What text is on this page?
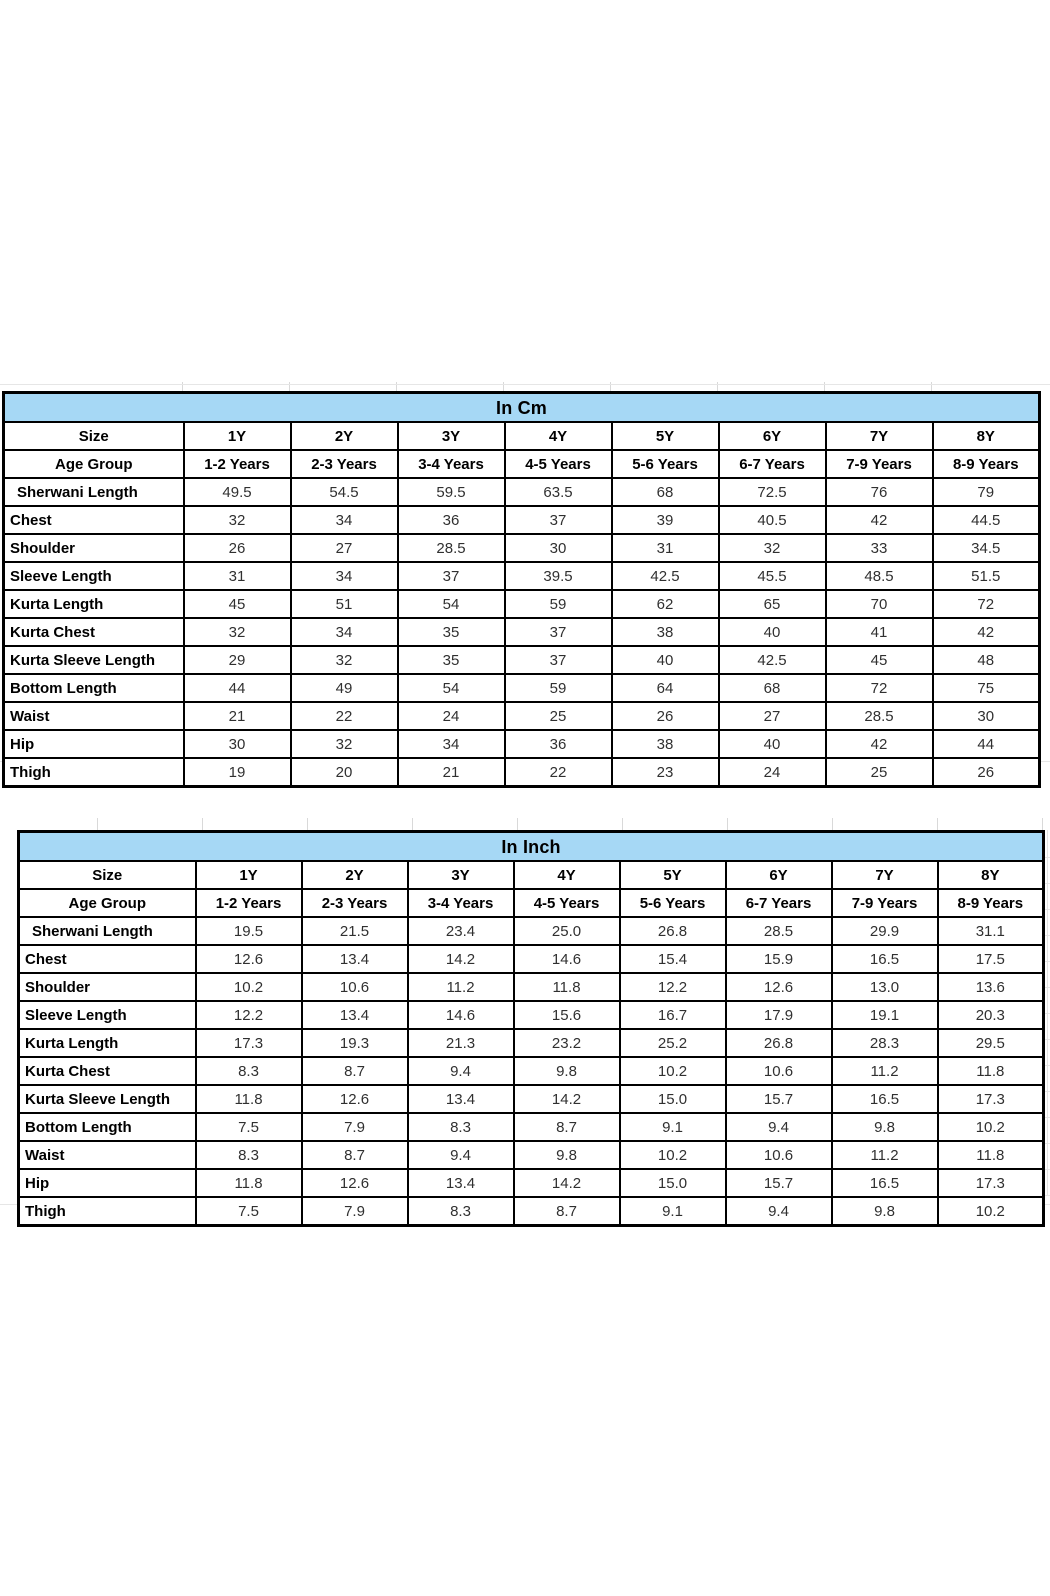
In Cm								
Size	1Y	2Y	3Y	4Y	5Y	6Y	7Y	8Y
Age Group	1-2 Years	2-3 Years	3-4 Years	4-5 Years	5-6 Years	6-7 Years	7-9 Years	8-9 Years
Sherwani Length	49.5	54.5	59.5	63.5	68	72.5	76	79
Chest	32	34	36	37	39	40.5	42	44.5
Shoulder	26	27	28.5	30	31	32	33	34.5
Sleeve Length	31	34	37	39.5	42.5	45.5	48.5	51.5
Kurta Length	45	51	54	59	62	65	70	72
Kurta Chest	32	34	35	37	38	40	41	42
Kurta Sleeve Length	29	32	35	37	40	42.5	45	48
Bottom Length	44	49	54	59	64	68	72	75
Waist	21	22	24	25	26	27	28.5	30
Hip	30	32	34	36	38	40	42	44
Thigh	19	20	21	22	23	24	25	26
In Inch								
Size	1Y	2Y	3Y	4Y	5Y	6Y	7Y	8Y
Age Group	1-2 Years	2-3 Years	3-4 Years	4-5 Years	5-6 Years	6-7 Years	7-9 Years	8-9 Years
Sherwani Length	19.5	21.5	23.4	25.0	26.8	28.5	29.9	31.1
Chest	12.6	13.4	14.2	14.6	15.4	15.9	16.5	17.5
Shoulder	10.2	10.6	11.2	11.8	12.2	12.6	13.0	13.6
Sleeve Length	12.2	13.4	14.6	15.6	16.7	17.9	19.1	20.3
Kurta Length	17.3	19.3	21.3	23.2	25.2	26.8	28.3	29.5
Kurta Chest	8.3	8.7	9.4	9.8	10.2	10.6	11.2	11.8
Kurta Sleeve Length	11.8	12.6	13.4	14.2	15.0	15.7	16.5	17.3
Bottom Length	7.5	7.9	8.3	8.7	9.1	9.4	9.8	10.2
Waist	8.3	8.7	9.4	9.8	10.2	10.6	11.2	11.8
Hip	11.8	12.6	13.4	14.2	15.0	15.7	16.5	17.3
Thigh	7.5	7.9	8.3	8.7	9.1	9.4	9.8	10.2
